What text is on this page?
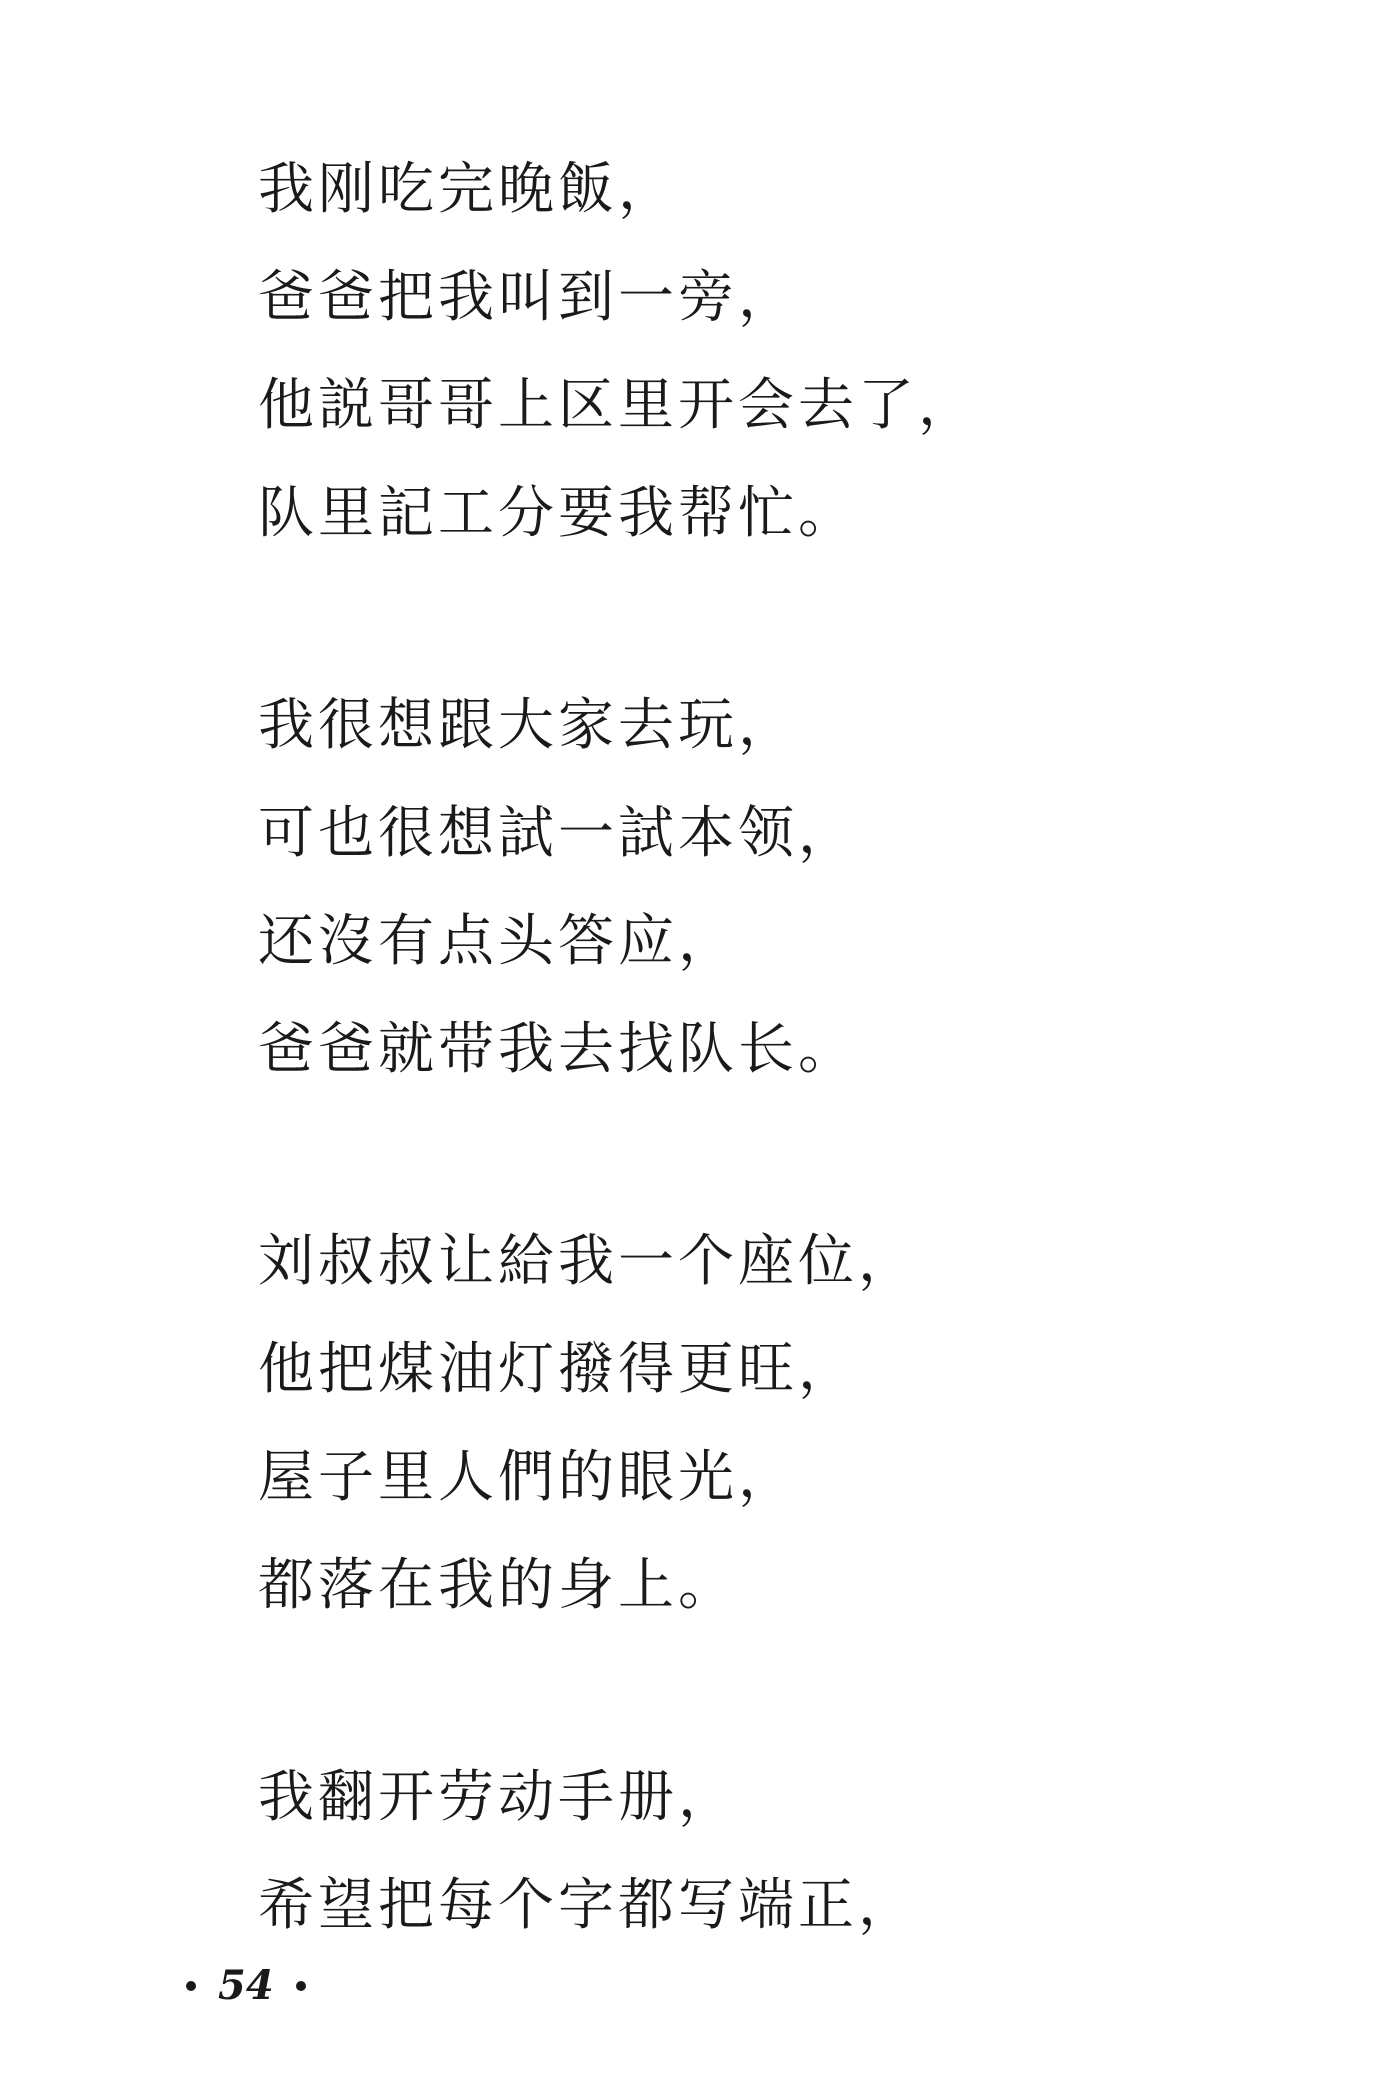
我刚吃完晚飯，
爸爸把我叫到一旁，
他説哥哥上区里开会去了，
队里記工分要我帮忙。
我很想跟大家去玩，
可也很想試一試本领，
还沒有点头答应，
爸爸就带我去找队长。
刘叔叔让給我一个座位，
他把煤油灯撥得更旺，
屋子里人們的眼光，
都落在我的身上。
我翻开劳动手册，
希望把每个字都写端正，
54
